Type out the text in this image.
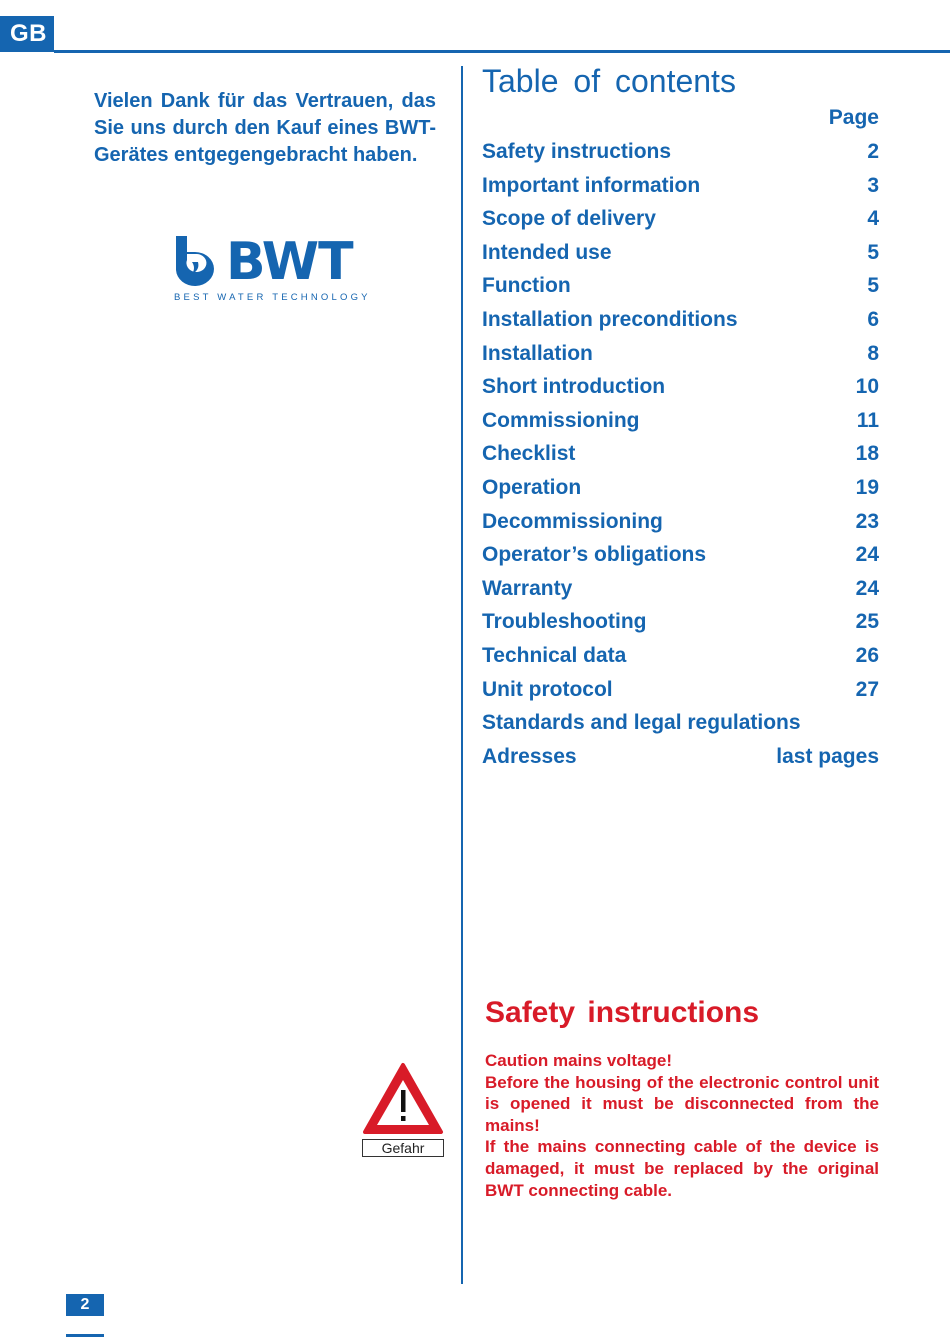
GB

Vielen Dank für das Vertrauen, das Sie uns durch den Kauf eines BWT-Gerätes entgegengebracht haben.

BWT
BEST WATER TECHNOLOGY
Table of contents
Page
Safety instructions	2
Important information	3
Scope of delivery	4
Intended use	5
Function	5
Installation preconditions	6
Installation	8
Short introduction	10
Commissioning	11
Checklist	18
Operation	19
Decommissioning	23
Operator’s obligations	24
Warranty	24
Troubleshooting	25
Technical data	26
Unit protocol	27
Standards and legal regulations
Adresses	last pages
Safety instructions
Caution mains voltage!
Before the housing of the electronic control unit is opened it must be disconnected from the mains!
If the mains connecting cable of the device is damaged, it must be replaced by the original BWT connecting cable.
Gefahr
2
